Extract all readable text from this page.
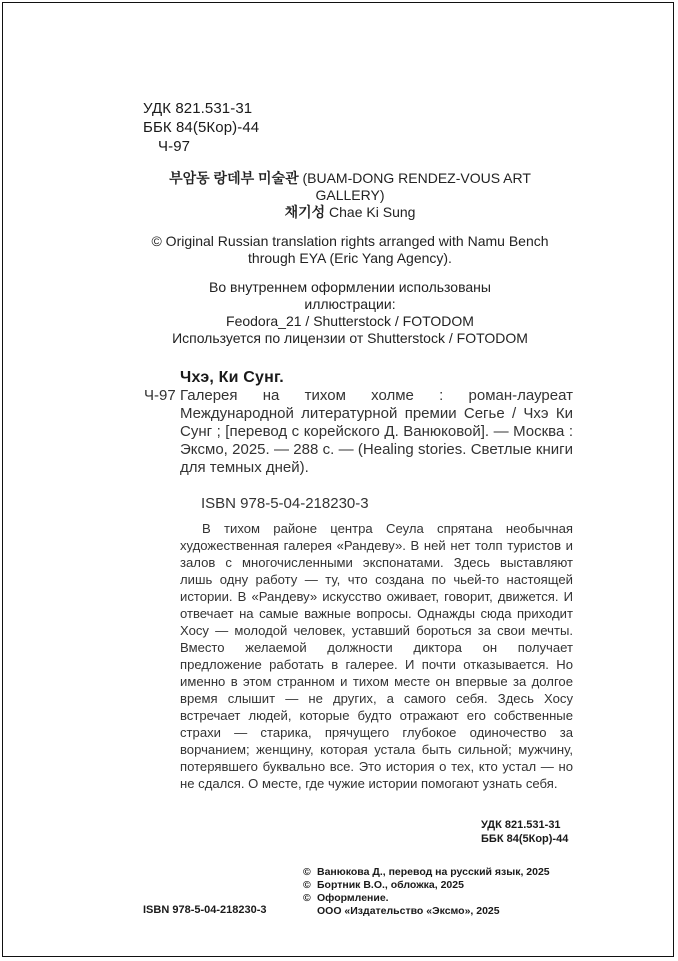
УДК 821.531-31
ББК 84(5Кор)-44
Ч-97

부암동 랑데부 미술관 (BUAM-DONG RENDEZ-VOUS ART GALLERY)

채기성 Chae Ki Sung

© Original Russian translation rights arranged with Namu Bench through EYA (Eric Yang Agency).

Во внутреннем оформлении использованы

иллюстрации:

Feodora_21 / Shutterstock / FOTODOM

Используется по лицензии от Shutterstock / FOTODOM

Чхэ, Ки Сунг.
Ч-97 Галерея на тихом холме : роман-лауреат Международной литературной премии Сегье / Чхэ Ки Сунг ; [перевод с корейского Д. Ванюковой]. — Москва : Эксмо, 2025. — 288 с. — (Healing stories. Светлые книги для темных дней).
ISBN 978-5-04-218230-3
В тихом районе центра Сеула спрятана необычная художественная галерея «Рандеву». В ней нет толп туристов и залов с многочисленными экспонатами. Здесь выставляют лишь одну работу — ту, что создана по чьей-то настоящей истории. В «Рандеву» искусство оживает, говорит, движется. И отвечает на самые важные вопросы. Однажды сюда приходит Хосу — молодой человек, уставший бороться за свои мечты. Вместо желаемой должности диктора он получает предложение работать в галерее. И почти отказывается. Но именно в этом странном и тихом месте он впервые за долгое время слышит — не других, а самого себя. Здесь Хосу встречает людей, которые будто отражают его собственные страхи — старика, прячущего глубокое одиночество за ворчанием; женщину, которая устала быть сильной; мужчину, потерявшего буквально все. Это история о тех, кто устал — но не сдался. О месте, где чужие истории помогают узнать себя.
УДК 821.531-31
ББК 84(5Кор)-44
© Ванюкова Д., перевод на русский язык, 2025
© Бортник В.О., обложка, 2025
© Оформление.
ООО «Издательство «Эксмо», 2025
ISBN 978-5-04-218230-3
